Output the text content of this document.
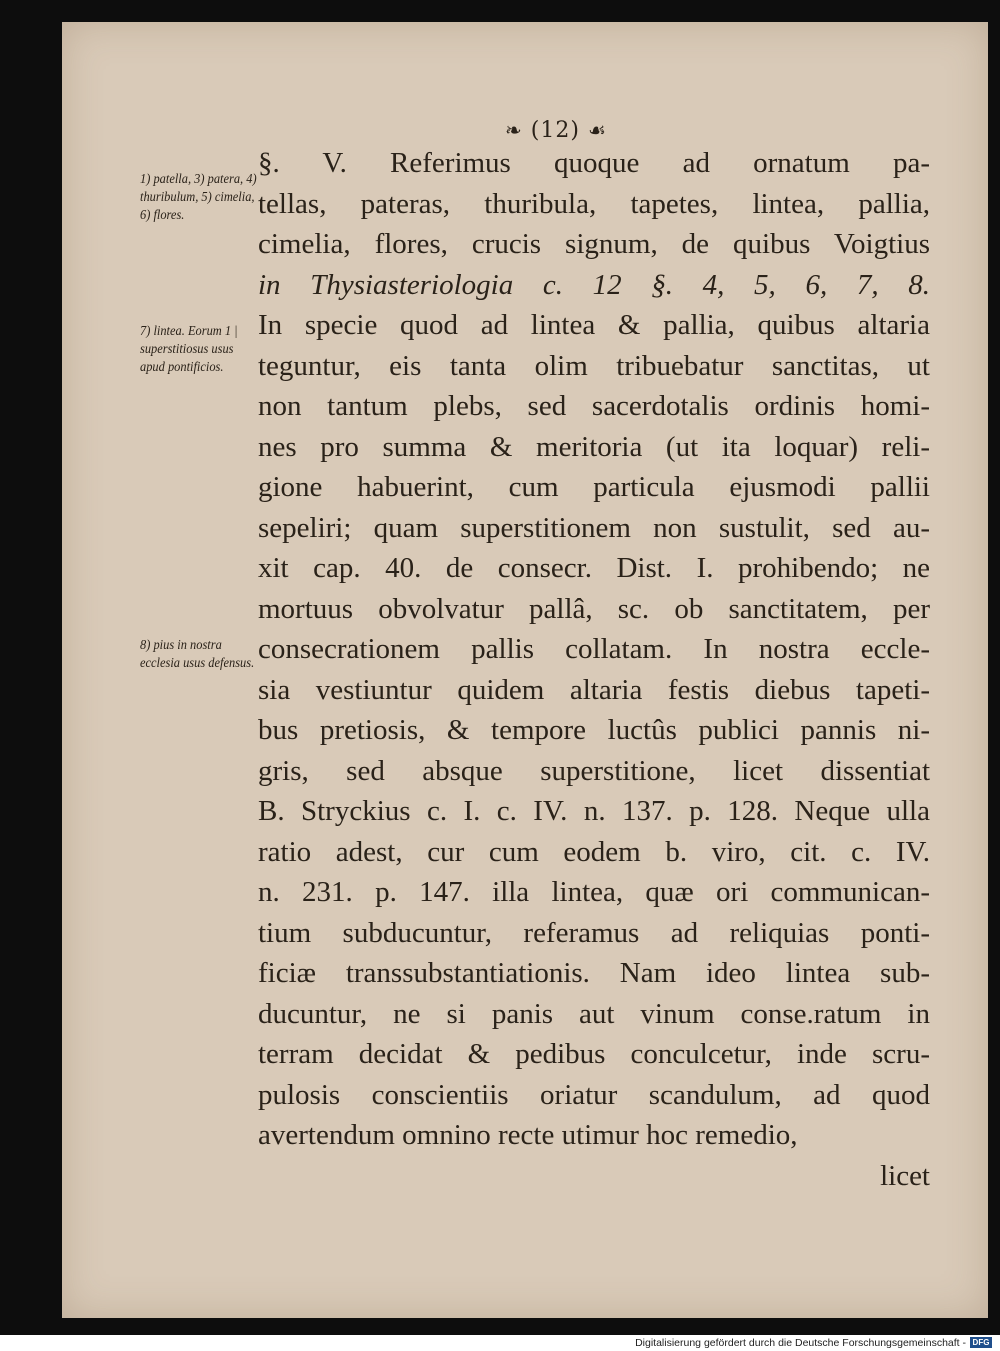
❧ (12) ☙
1) patella, 3) patera, 4) thuribulum, 5) cimelia, 6) flores.
7) lintea. Eorum 1 | superstitiosus usus apud pontificios.
8) pius in nostra ecclesia usus defensus.
§. V. Referimus quoque ad ornatum pa-
tellas, pateras, thuribula, tapetes, lintea, pallia,
cimelia, flores, crucis signum, de quibus Voigtius
in Thysiasteriologia c. 12 §. 4, 5, 6, 7, 8.
In specie quod ad lintea & pallia, quibus altaria
teguntur, eis tanta olim tribuebatur sanctitas, ut
non tantum plebs, sed sacerdotalis ordinis homi-
nes pro summa & meritoria (ut ita loquar) reli-
gione habuerint, cum particula ejusmodi pallii
sepeliri; quam superstitionem non sustulit, sed au-
xit cap. 40. de consecr. Dist. I. prohibendo; ne
mortuus obvolvatur pallâ, sc. ob sanctitatem, per
consecrationem pallis collatam. In nostra eccle-
sia vestiuntur quidem altaria festis diebus tapeti-
bus pretiosis, & tempore luctûs publici pannis ni-
gris, sed absque superstitione, licet dissentiat
B. Stryckius c. I. c. IV. n. 137. p. 128. Neque ulla
ratio adest, cur cum eodem b. viro, cit. c. IV.
n. 231. p. 147. illa lintea, quæ ori communican-
tium subducuntur, referamus ad reliquias ponti-
ficiæ transsubstantiationis. Nam ideo lintea sub-
ducuntur, ne si panis aut vinum conse.ratum in
terram decidat & pedibus conculcetur, inde scru-
pulosis conscientiis oriatur scandulum, ad quod
avertendum omnino recte utimur hoc remedio,
licet
Digitalisierung gefördert durch die Deutsche Forschungsgemeinschaft - DFG
